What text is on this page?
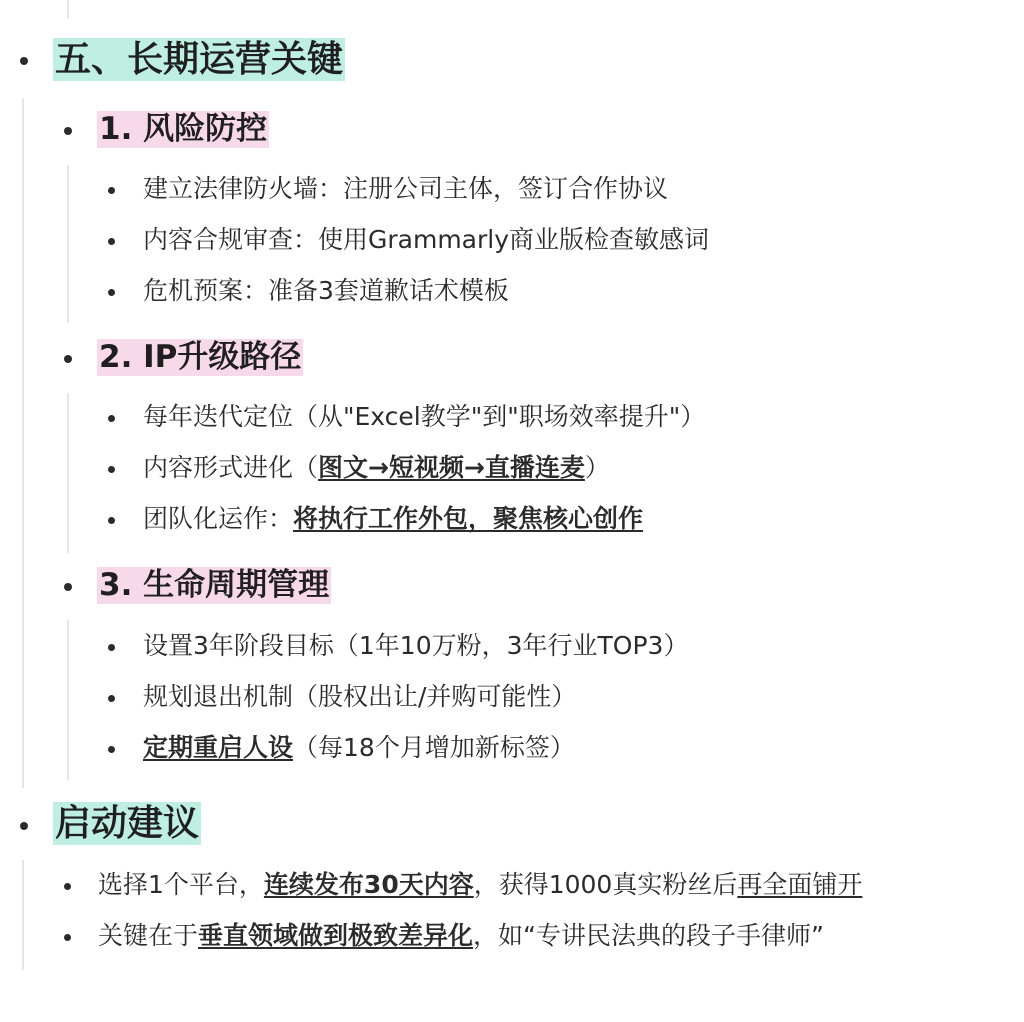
五、长期运营关键
1. 风险防控
建立法律防火墙：注册公司主体，签订合作协议
内容合规审查：使用Grammarly商业版检查敏感词
危机预案：准备3套道歉话术模板
2. IP升级路径
每年迭代定位（从"Excel教学"到"职场效率提升"）
内容形式进化（图文→短视频→直播连麦）
团队化运作：将执行工作外包，聚焦核心创作
3. 生命周期管理
设置3年阶段目标（1年10万粉，3年行业TOP3）
规划退出机制（股权出让/并购可能性）
定期重启人设（每18个月增加新标签）
启动建议
选择1个平台，连续发布30天内容，获得1000真实粉丝后再全面铺开
关键在于垂直领域做到极致差异化，如“专讲民法典的段子手律师”
